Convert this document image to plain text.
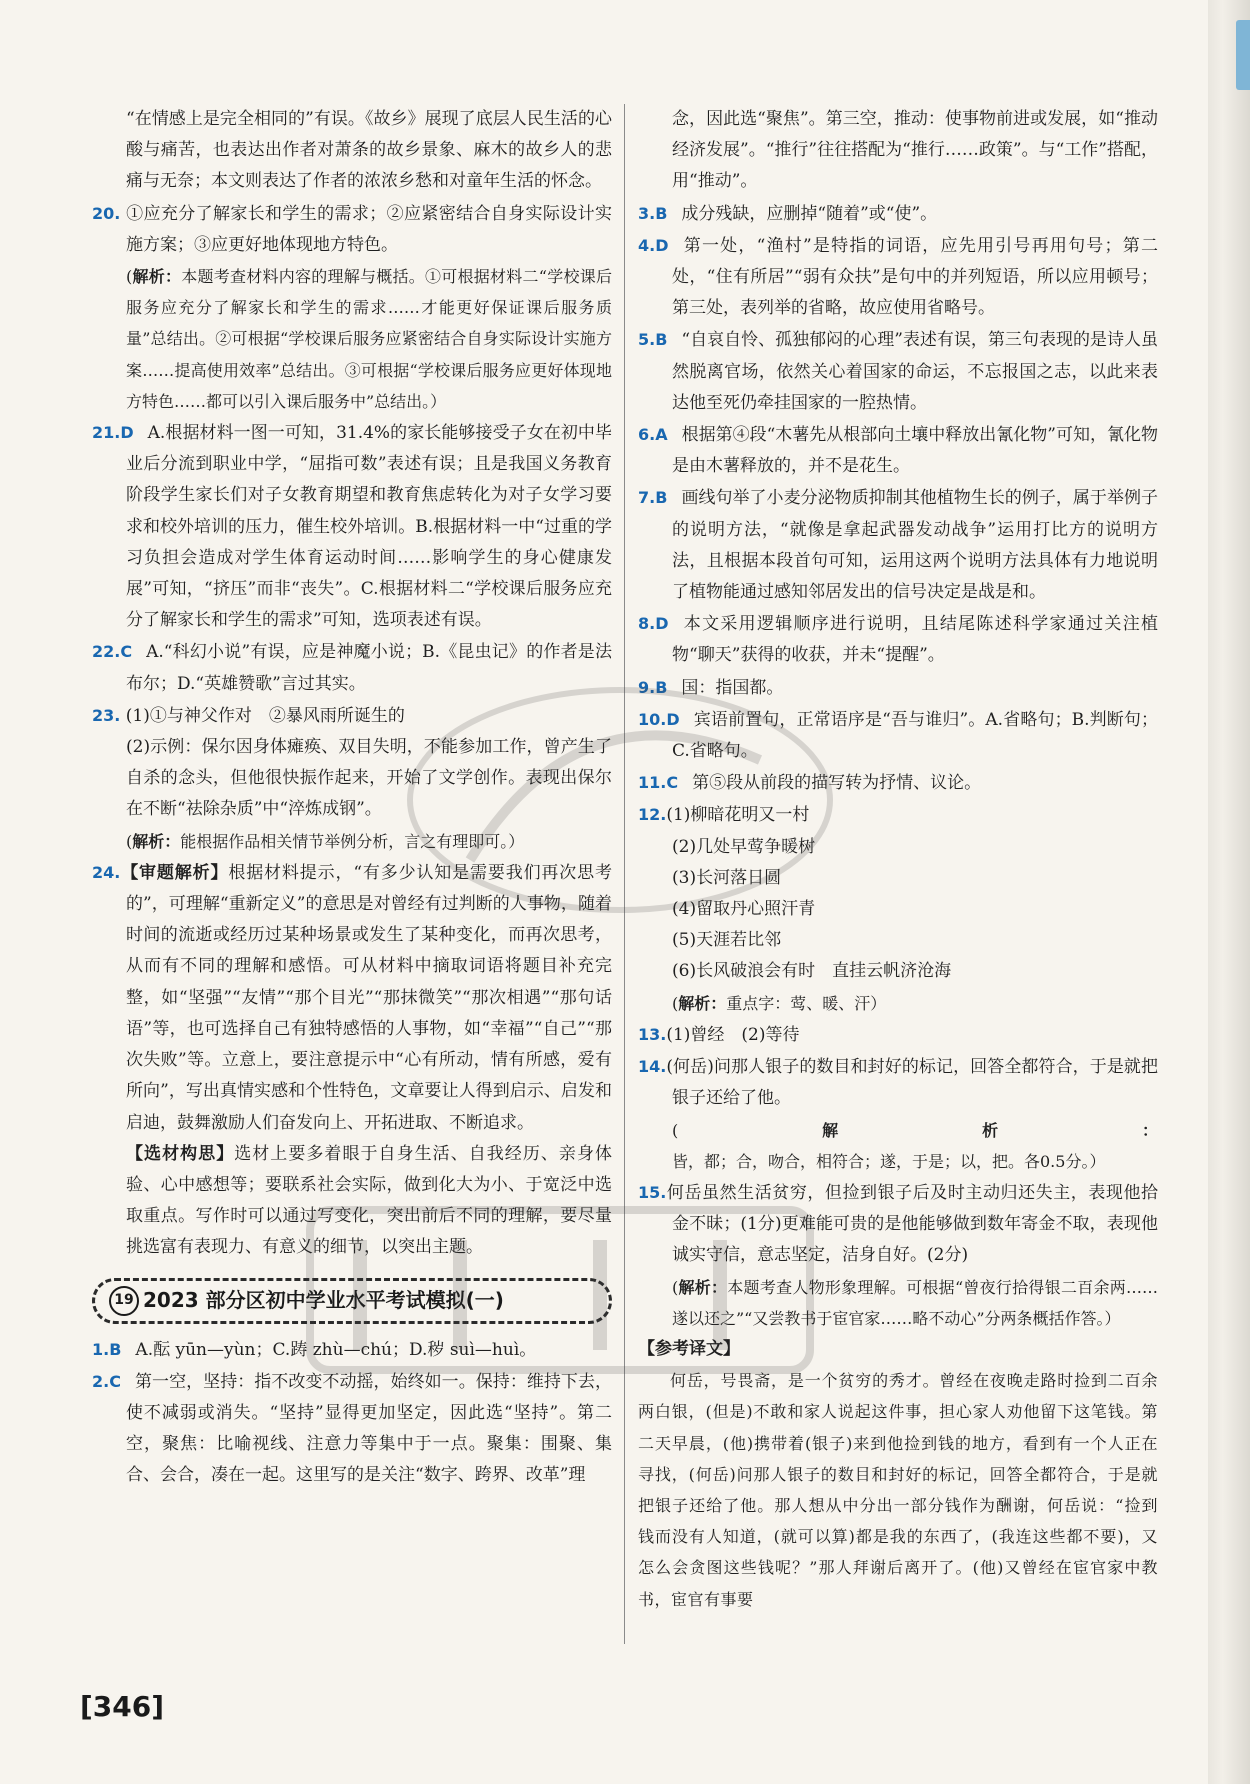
“在情感上是完全相同的”有误。《故乡》展现了底层人民生活的心酸与痛苦，也表达出作者对萧条的故乡景象、麻木的故乡人的悲痛与无奈；本文则表达了作者的浓浓乡愁和对童年生活的怀念。

20. ①应充分了解家长和学生的需求；②应紧密结合自身实际设计实施方案；③应更好地体现地方特色。

(解析：本题考查材料内容的理解与概括。①可根据材料二“学校课后服务应充分了解家长和学生的需求……才能更好保证课后服务质量”总结出。②可根据“学校课后服务应紧密结合自身实际设计实施方案……提高使用效率”总结出。③可根据“学校课后服务应更好体现地方特色……都可以引入课后服务中”总结出。）

21.D A.根据材料一图一可知，31.4%的家长能够接受子女在初中毕业后分流到职业中学，“屈指可数”表述有误；且是我国义务教育阶段学生家长们对子女教育期望和教育焦虑转化为对子女学习要求和校外培训的压力，催生校外培训。B.根据材料一中“过重的学习负担会造成对学生体育运动时间……影响学生的身心健康发展”可知，“挤压”而非“丧失”。C.根据材料二“学校课后服务应充分了解家长和学生的需求”可知，选项表述有误。

22.C A.“科幻小说”有误，应是神魔小说；B.《昆虫记》的作者是法布尔；D.“英雄赞歌”言过其实。

23. (1)①与神父作对　②暴风雨所诞生的

(2)示例：保尔因身体瘫痪、双目失明，不能参加工作，曾产生了自杀的念头，但他很快振作起来，开始了文学创作。表现出保尔在不断“祛除杂质”中“淬炼成钢”。

(解析：能根据作品相关情节举例分析，言之有理即可。）

24.【审题解析】根据材料提示，“有多少认知是需要我们再次思考的”，可理解“重新定义”的意思是对曾经有过判断的人事物，随着时间的流逝或经历过某种场景或发生了某种变化，而再次思考，从而有不同的理解和感悟。可从材料中摘取词语将题目补充完整，如“坚强”“友情”“那个目光”“那抹微笑”“那次相遇”“那句话语”等，也可选择自己有独特感悟的人事物，如“幸福”“自己”“那次失败”等。立意上，要注意提示中“心有所动，情有所感，爱有所向”，写出真情实感和个性特色，文章要让人得到启示、启发和启迪，鼓舞激励人们奋发向上、开拓进取、不断追求。

【选材构思】选材上要多着眼于自身生活、自我经历、亲身体验、心中感想等；要联系社会实际，做到化大为小、于宽泛中选取重点。写作时可以通过写变化，突出前后不同的理解，要尽量挑选富有表现力、有意义的细节，以突出主题。

19 2023 部分区初中学业水平考试模拟(一)

1.B A.酝 yūn—yùn；C.踌 zhù—chú；D.秽 suì—huì。

2.C 第一空，坚持：指不改变不动摇，始终如一。保持：维持下去，使不减弱或消失。“坚持”显得更加坚定，因此选“坚持”。第二空，聚焦：比喻视线、注意力等集中于一点。聚集：围聚、集合、会合，凑在一起。这里写的是关注“数字、跨界、改革”理

念，因此选“聚焦”。第三空，推动：使事物前进或发展，如“推动经济发展”。“推行”往往搭配为“推行……政策”。与“工作”搭配，用“推动”。

3.B 成分残缺，应删掉“随着”或“使”。

4.D 第一处，“渔村”是特指的词语，应先用引号再用句号；第二处，“住有所居”“弱有众扶”是句中的并列短语，所以应用顿号；第三处，表列举的省略，故应使用省略号。

5.B “自哀自怜、孤独郁闷的心理”表述有误，第三句表现的是诗人虽然脱离官场，依然关心着国家的命运，不忘报国之志，以此来表达他至死仍牵挂国家的一腔热情。

6.A 根据第④段“木薯先从根部向土壤中释放出氰化物”可知，氰化物是由木薯释放的，并不是花生。

7.B 画线句举了小麦分泌物质抑制其他植物生长的例子，属于举例子的说明方法，“就像是拿起武器发动战争”运用打比方的说明方法，且根据本段首句可知，运用这两个说明方法具体有力地说明了植物能通过感知邻居发出的信号决定是战是和。

8.D 本文采用逻辑顺序进行说明，且结尾陈述科学家通过关注植物“聊天”获得的收获，并未“提醒”。

9.B 国：指国都。

10.D 宾语前置句，正常语序是“吾与谁归”。A.省略句；B.判断句；C.省略句。

11.C 第⑤段从前段的描写转为抒情、议论。

12.(1)柳暗花明又一村

(2)几处早莺争暖树

(3)长河落日圆

(4)留取丹心照汗青

(5)天涯若比邻

(6)长风破浪会有时　直挂云帆济沧海

(解析：重点字：莺、暖、汗）

13.(1)曾经　(2)等待

14.(何岳)问那人银子的数目和封好的标记，回答全都符合，于是就把银子还给了他。

(解析：皆，都；合，吻合，相符合；遂，于是；以，把。各0.5分。）

15.何岳虽然生活贫穷，但捡到银子后及时主动归还失主，表现他拾金不昧；(1分)更难能可贵的是他能够做到数年寄金不取，表现他诚实守信，意志坚定，洁身自好。(2分)

(解析：本题考查人物形象理解。可根据“曾夜行拾得银二百余两……遂以还之”“又尝教书于宦官家……略不动心”分两条概括作答。）

【参考译文】

何岳，号畏斋，是一个贫穷的秀才。曾经在夜晚走路时捡到二百余两白银，(但是)不敢和家人说起这件事，担心家人劝他留下这笔钱。第二天早晨，(他)携带着(银子)来到他捡到钱的地方，看到有一个人正在寻找，(何岳)问那人银子的数目和封好的标记，回答全都符合，于是就把银子还给了他。那人想从中分出一部分钱作为酬谢，何岳说：“捡到钱而没有人知道，(就可以算)都是我的东西了，(我连这些都不要)，又怎么会贪图这些钱呢？”那人拜谢后离开了。(他)又曾经在宦官家中教书，宦官有事要

[346]
